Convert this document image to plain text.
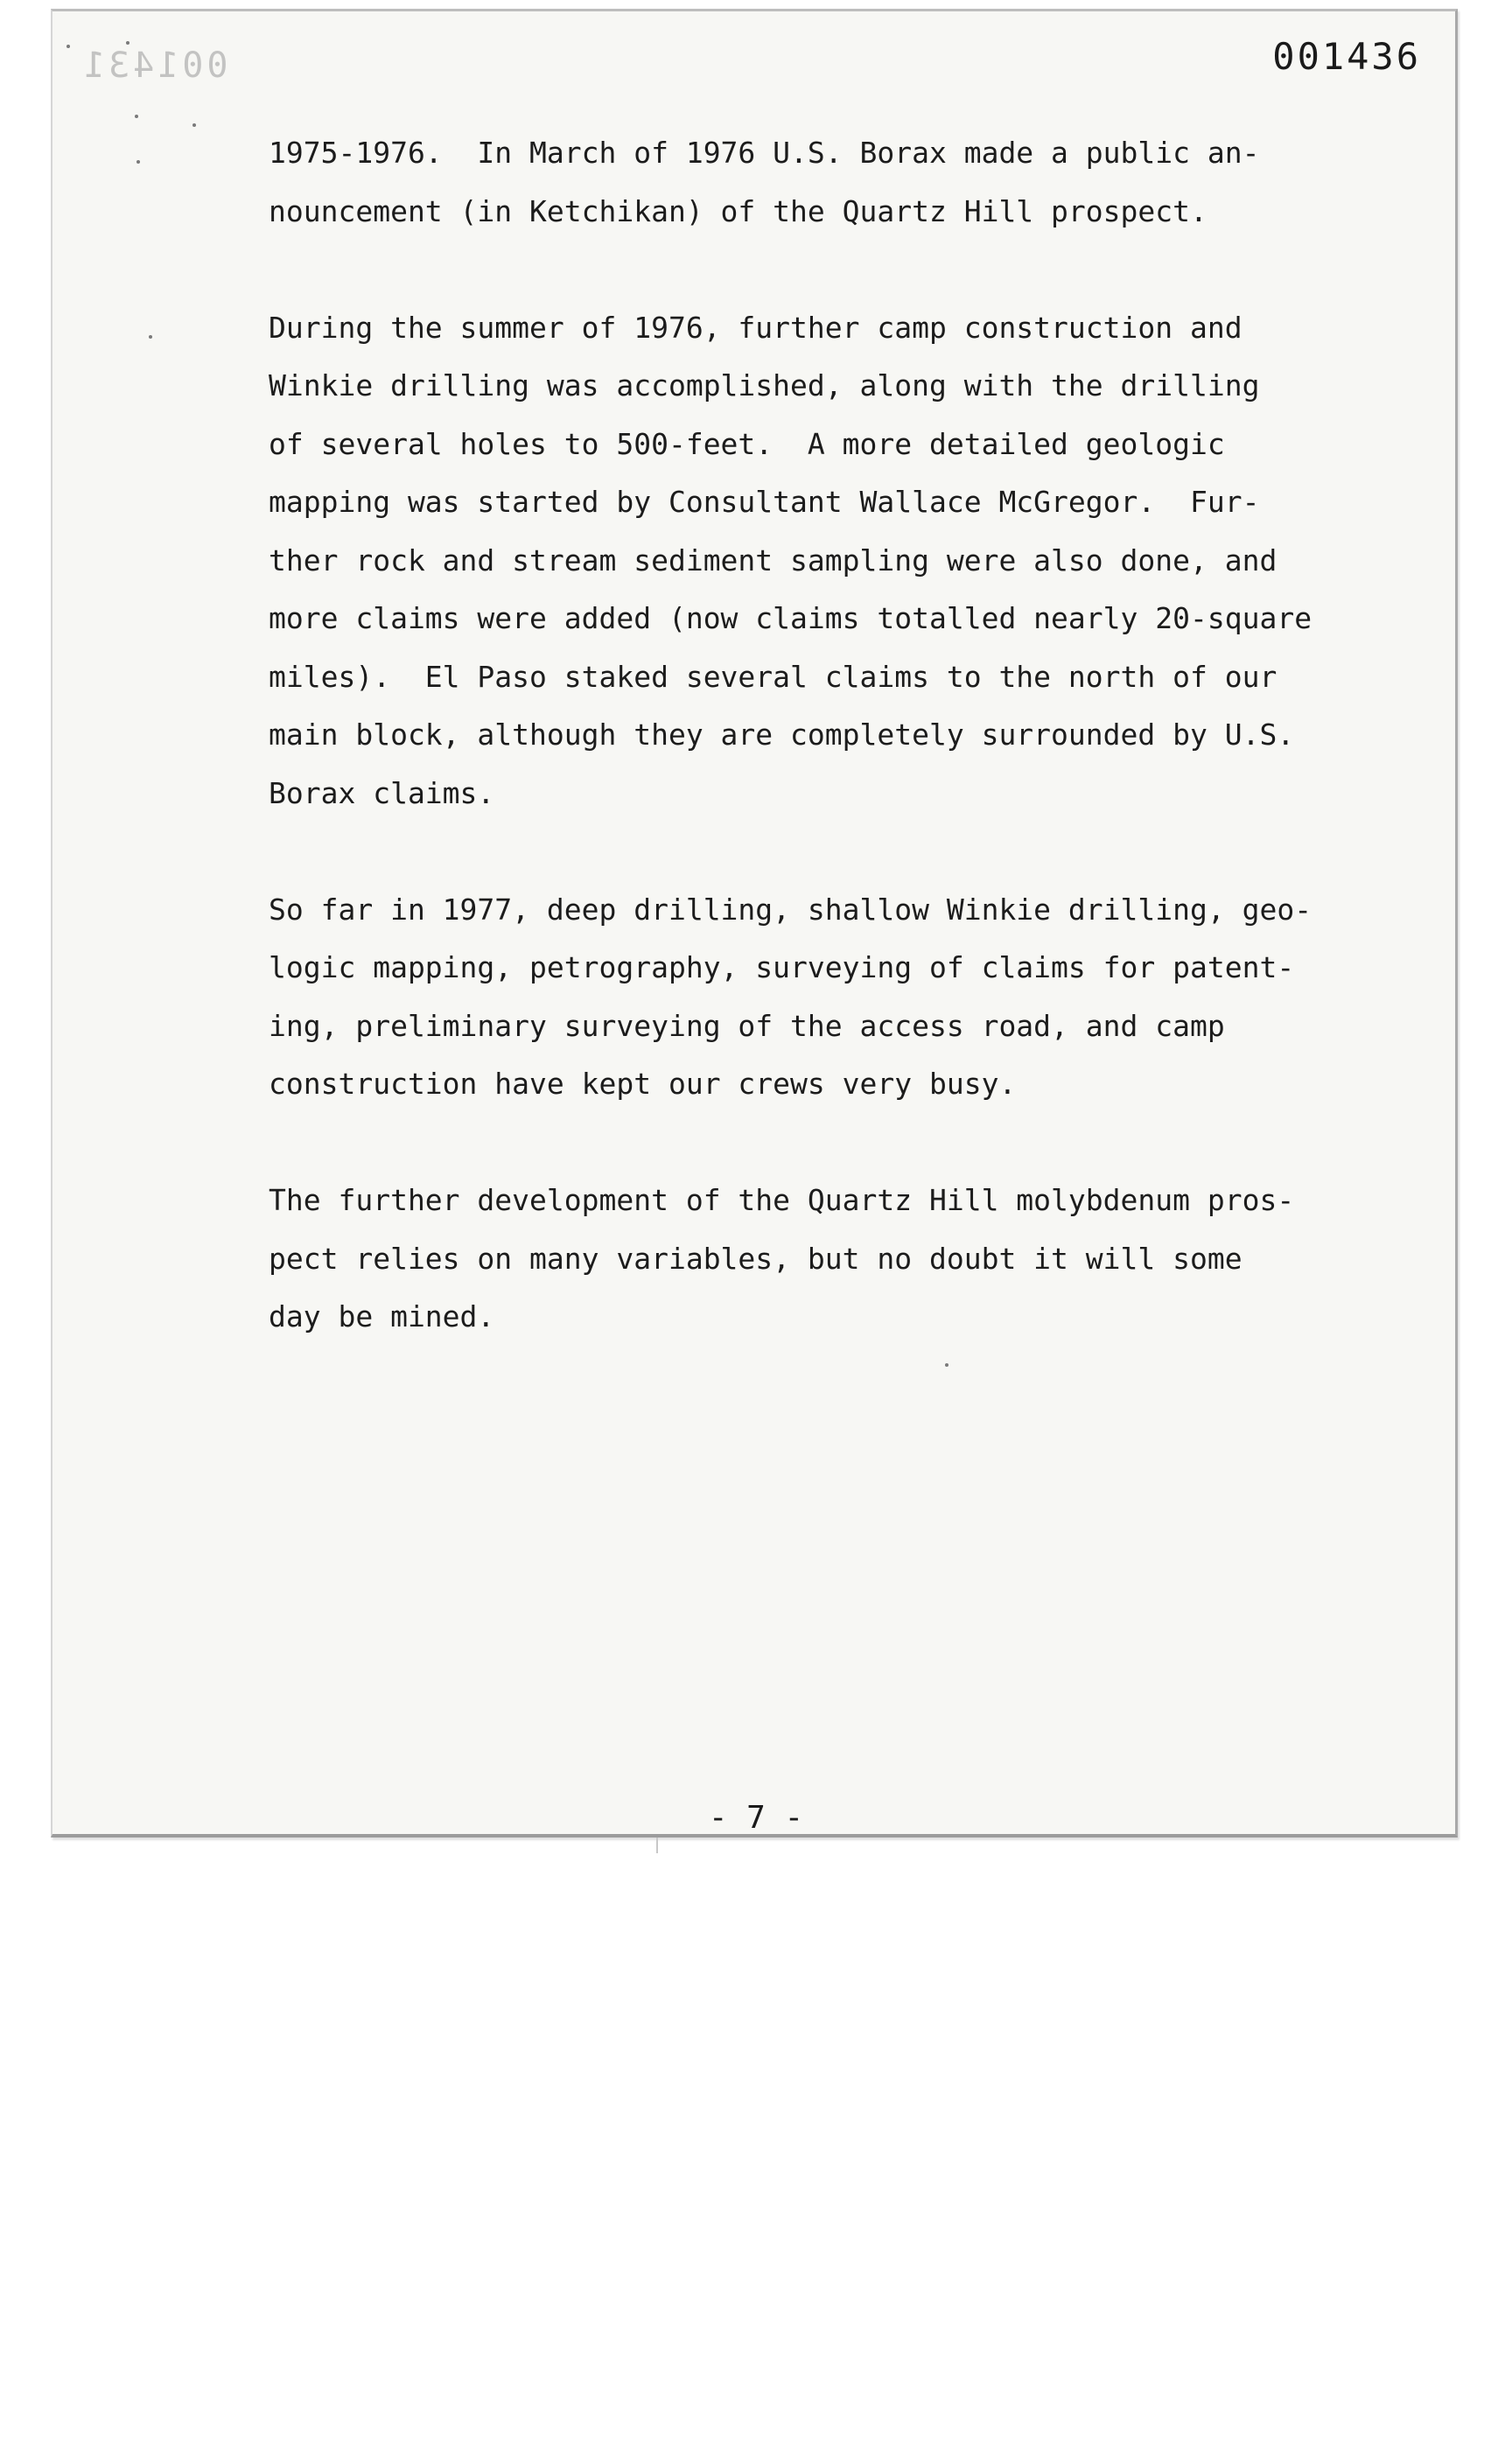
001431	001436

1975-1976.  In March of 1976 U.S. Borax made a public an-
nouncement (in Ketchikan) of the Quartz Hill prospect.

During the summer of 1976, further camp construction and
Winkie drilling was accomplished, along with the drilling
of several holes to 500-feet.  A more detailed geologic
mapping was started by Consultant Wallace McGregor.  Fur-
ther rock and stream sediment sampling were also done, and
more claims were added (now claims totalled nearly 20-square
miles).  El Paso staked several claims to the north of our
main block, although they are completely surrounded by U.S.
Borax claims.

So far in 1977, deep drilling, shallow Winkie drilling, geo-
logic mapping, petrography, surveying of claims for patent-
ing, preliminary surveying of the access road, and camp
construction have kept our crews very busy.

The further development of the Quartz Hill molybdenum pros-
pect relies on many variables, but no doubt it will some
day be mined.

- 7 -
